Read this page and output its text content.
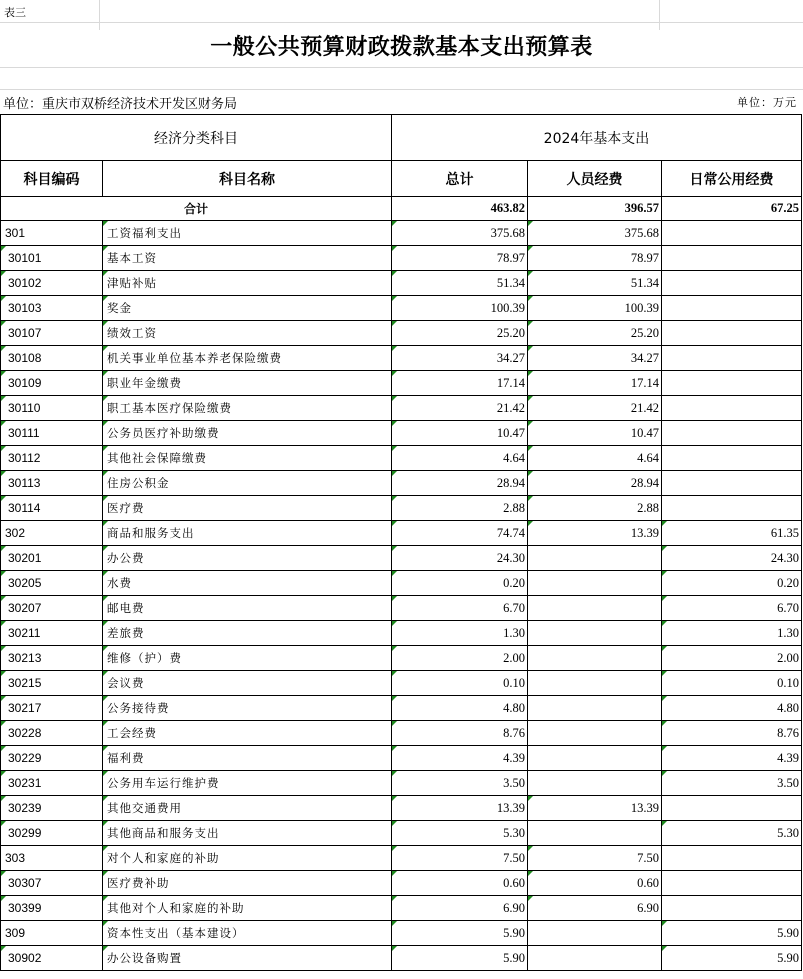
表三
一般公共预算财政拨款基本支出预算表
单位：重庆市双桥经济技术开发区财务局	单位：万元
经济分类科目		2024年基本支出		
科目编码	科目名称	总计	人员经费	日常公用经费
合计		463.82	396.57	67.25
301	工资福利支出	375.68	375.68	
30101	基本工资	78.97	78.97	
30102	津贴补贴	51.34	51.34	
30103	奖金	100.39	100.39	
30107	绩效工资	25.20	25.20	
30108	机关事业单位基本养老保险缴费	34.27	34.27	
30109	职业年金缴费	17.14	17.14	
30110	职工基本医疗保险缴费	21.42	21.42	
30111	公务员医疗补助缴费	10.47	10.47	
30112	其他社会保障缴费	4.64	4.64	
30113	住房公积金	28.94	28.94	
30114	医疗费	2.88	2.88	
302	商品和服务支出	74.74	13.39	61.35
30201	办公费	24.30		24.30
30205	水费	0.20		0.20
30207	邮电费	6.70		6.70
30211	差旅费	1.30		1.30
30213	维修（护）费	2.00		2.00
30215	会议费	0.10		0.10
30217	公务接待费	4.80		4.80
30228	工会经费	8.76		8.76
30229	福利费	4.39		4.39
30231	公务用车运行维护费	3.50		3.50
30239	其他交通费用	13.39	13.39	
30299	其他商品和服务支出	5.30		5.30
303	对个人和家庭的补助	7.50	7.50	
30307	医疗费补助	0.60	0.60	
30399	其他对个人和家庭的补助	6.90	6.90	
309	资本性支出（基本建设）	5.90		5.90
30902	办公设备购置	5.90		5.90
